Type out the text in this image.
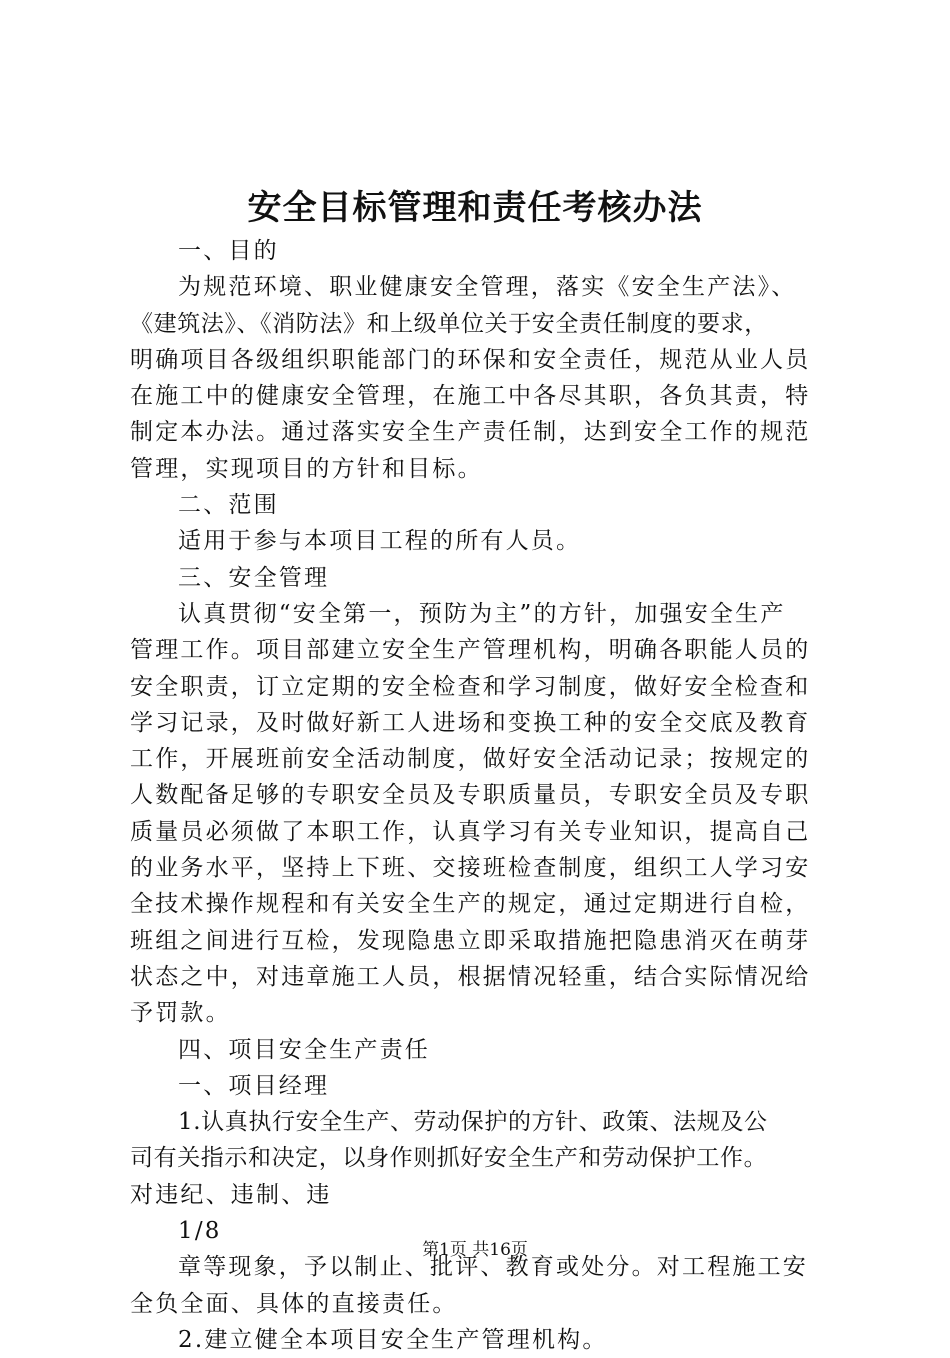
安全目标管理和责任考核办法
一、目的
为规范环境、职业健康安全管理，落实《安全生产法》、
《建筑法》、《消防法》和上级单位关于安全责任制度的要求，
明确项目各级组织职能部门的环保和安全责任，规范从业人员
在施工中的健康安全管理，在施工中各尽其职，各负其责，特
制定本办法。通过落实安全生产责任制，达到安全工作的规范
管理，实现项目的方针和目标。
二、范围
适用于参与本项目工程的所有人员。
三、安全管理
认真贯彻“安全第一，预防为主”的方针，加强安全生产
管理工作。项目部建立安全生产管理机构，明确各职能人员的
安全职责，订立定期的安全检查和学习制度，做好安全检查和
学习记录，及时做好新工人进场和变换工种的安全交底及教育
工作，开展班前安全活动制度，做好安全活动记录；按规定的
人数配备足够的专职安全员及专职质量员，专职安全员及专职
质量员必须做了本职工作，认真学习有关专业知识，提高自己
的业务水平，坚持上下班、交接班检查制度，组织工人学习安
全技术操作规程和有关安全生产的规定，通过定期进行自检，
班组之间进行互检，发现隐患立即采取措施把隐患消灭在萌芽
状态之中，对违章施工人员，根据情况轻重，结合实际情况给
予罚款。
四、项目安全生产责任
一、项目经理
1.认真执行安全生产、劳动保护的方针、政策、法规及公
司有关指示和决定，以身作则抓好安全生产和劳动保护工作。
对违纪、违制、违
1/8
章等现象，予以制止、批评、教育或处分。对工程施工安
全负全面、具体的直接责任。
2.建立健全本项目安全生产管理机构。
第1页 共16页
